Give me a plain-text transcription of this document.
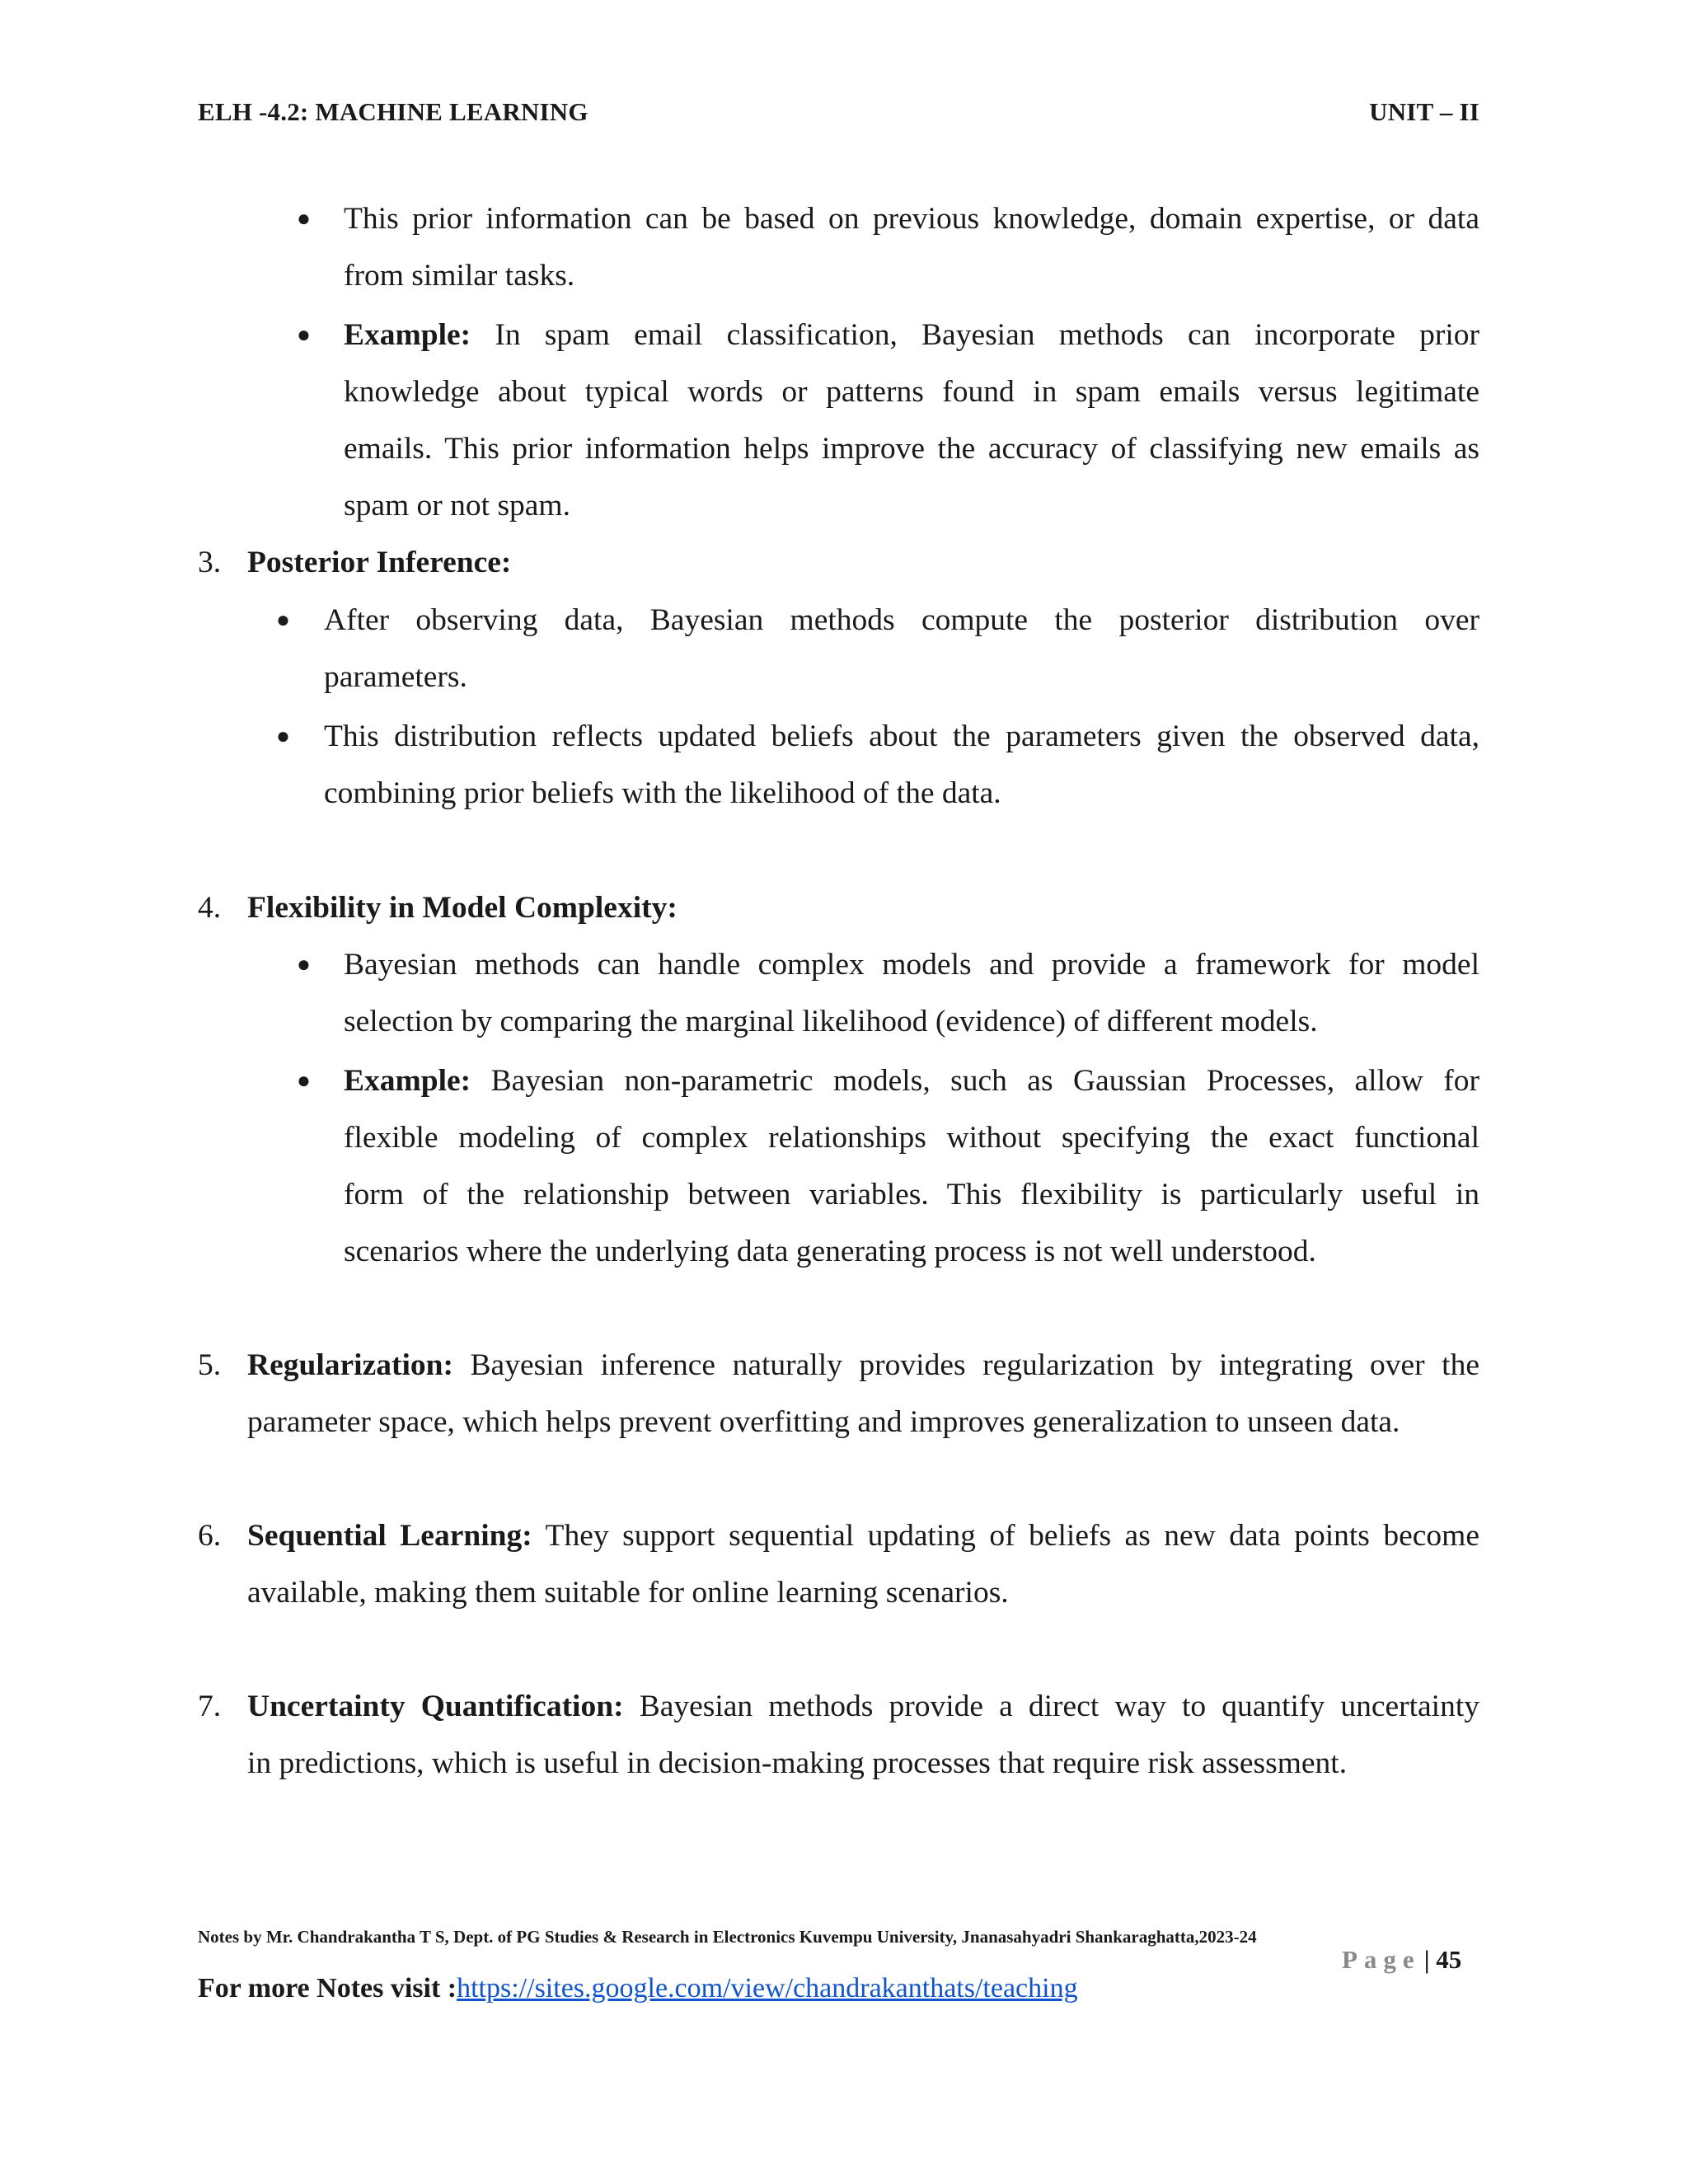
ELH -4.2: MACHINE LEARNING	UNIT – II
● This prior information can be based on previous knowledge, domain expertise, or data
from similar tasks.
● Example: In spam email classification, Bayesian methods can incorporate prior
knowledge about typical words or patterns found in spam emails versus legitimate
emails. This prior information helps improve the accuracy of classifying new emails as
spam or not spam.
3. Posterior Inference:
● After observing data, Bayesian methods compute the posterior distribution over
parameters.
● This distribution reflects updated beliefs about the parameters given the observed data,
combining prior beliefs with the likelihood of the data.
4. Flexibility in Model Complexity:
● Bayesian methods can handle complex models and provide a framework for model
selection by comparing the marginal likelihood (evidence) of different models.
● Example: Bayesian non-parametric models, such as Gaussian Processes, allow for
flexible modeling of complex relationships without specifying the exact functional
form of the relationship between variables. This flexibility is particularly useful in
scenarios where the underlying data generating process is not well understood.
5. Regularization: Bayesian inference naturally provides regularization by integrating over the
parameter space, which helps prevent overfitting and improves generalization to unseen data.
6. Sequential Learning: They support sequential updating of beliefs as new data points become
available, making them suitable for online learning scenarios.
7. Uncertainty Quantification: Bayesian methods provide a direct way to quantify uncertainty
in predictions, which is useful in decision-making processes that require risk assessment.
Notes by Mr. Chandrakantha T S, Dept. of PG Studies & Research in Electronics Kuvempu University, Jnanasahyadri Shankaraghatta,2023-24
Page | 45
For more Notes visit :https://sites.google.com/view/chandrakanthats/teaching
